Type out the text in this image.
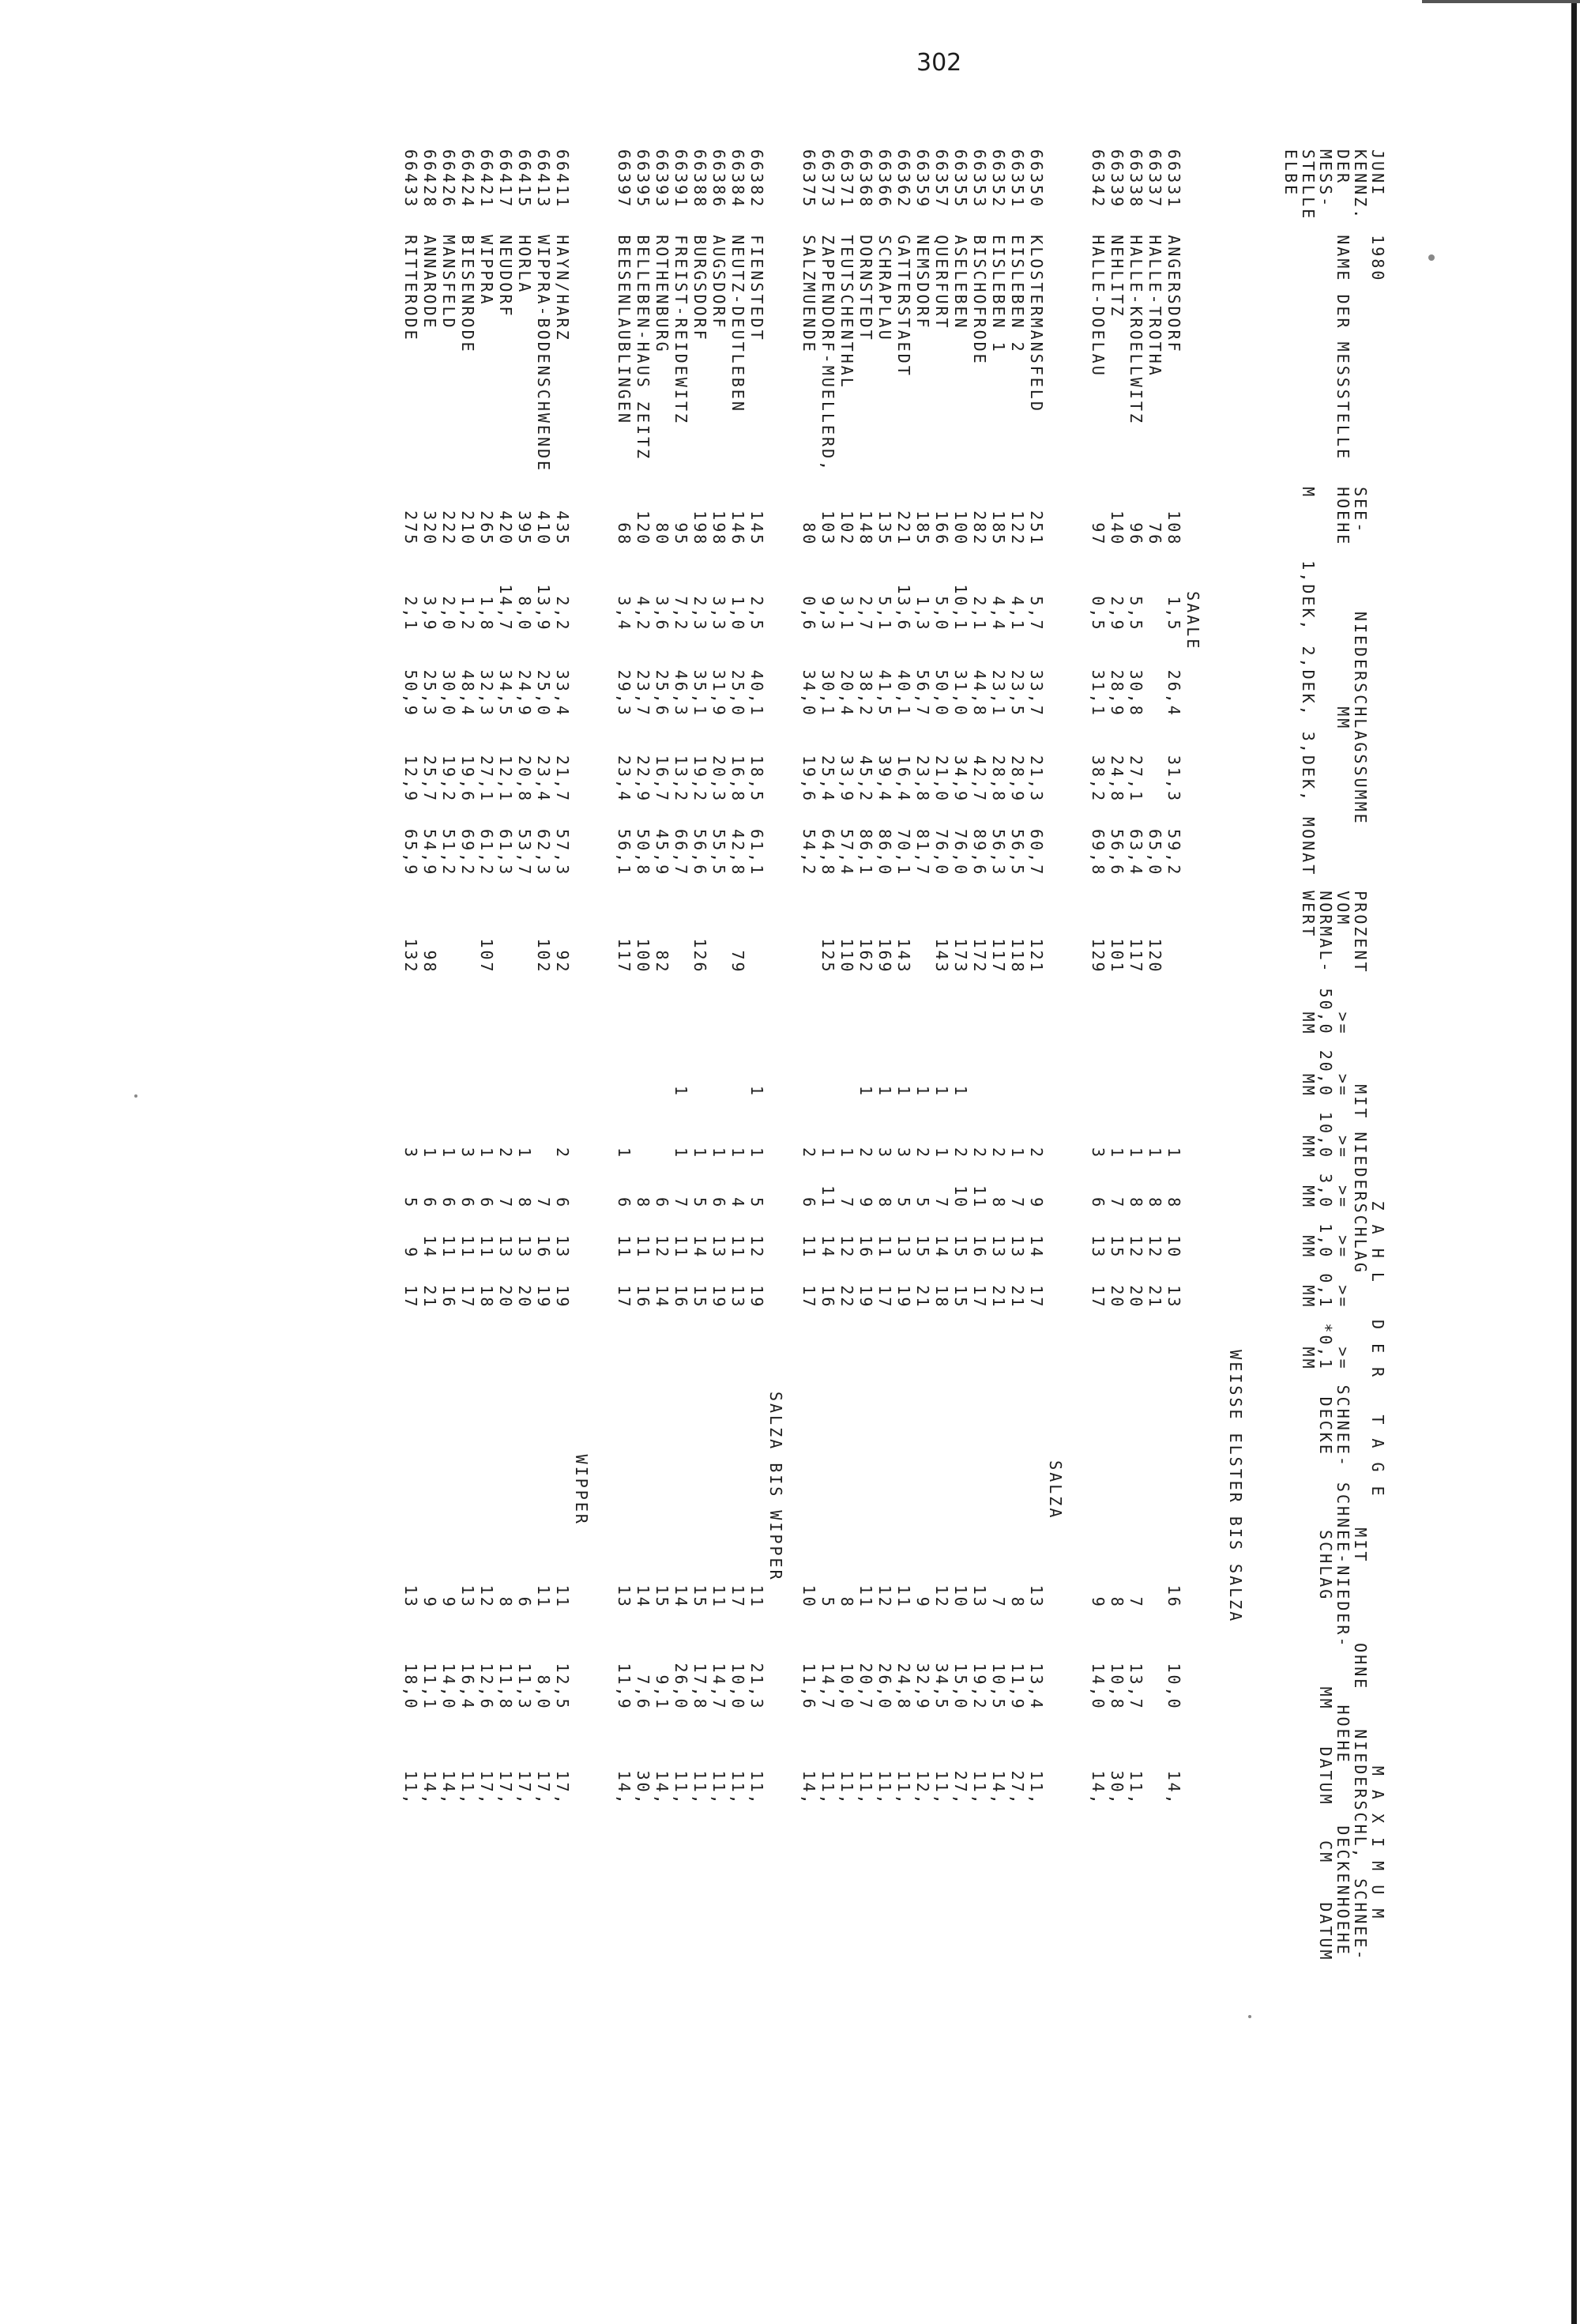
302
JUNI	1980							Z A H L   D E R   T A G E											M A X I M U M		
KENNZ.		SEE-	NIEDERSCHLAGSSUMME				PROZENT	MIT NIEDERSCHLAG								MIT	OHNE		NIEDERSCHL,		SCHNEE-
DER	NAME DER MESSSTELLE	HOEHE	MM				VOM	>=	>=	>=	>=	>=	>=	>=	SCHNEE-	SCHNEE-NIEDER-		HOEHE		DECKENHOEHE	
MESS-							NORMAL-	50,0	20,0	10,0	3,0	1,0	0,1	*0,1	DECKE	SCHLAG		MM	DATUM	CM	DATUM
STELLE		M	1,DEK,	2,DEK,	3,DEK,	MONAT	WERT	MM	MM	MM	MM	MM	MM	MM							
ELBE																					
WEISSE ELSTER BIS SALZA																					
SAALE																					
66331	ANGERSDORF	108	1,5	26,4	31,3	59,2				1	8	10	13			16		10,0	14,		
66337	HALLE-TROTHA	76				65,0	120			1	8	12	21								
66338	HALLE-KROELLWITZ	96	5,5	30,8	27,1	63,4	117			1	8	12	20			7		13,7	11,		
66339	NEHLITZ	140	2,9	28,9	24,8	56,6	101			1	7	15	20			8		10,8	30,		
66342	HALLE-DOELAU	97	0,5	31,1	38,2	69,8	129			3	6	13	17			9		14,0	14,		
SALZA																					
66350	KLOSTERMANSFELD	251	5,7	33,7	21,3	60,7	121			2	9	14	17			13		13,4	11,		
66351	EISLEBEN 2	122	4,1	23,5	28,9	56,5	118			1	7	13	21			8		11,9	27,		
66352	EISLEBEN 1	185	4,4	23,1	28,8	56,3	117			2	8	13	21			7		10,5	14,		
66353	BISCHOFRODE	282	2,1	44,8	42,7	89,6	172			2	11	16	17			13		19,2	11,		
66355	ASELEBEN	100	10,1	31,0	34,9	76,0	173		1	2	10	15	15			10		15,0	27,		
66357	QUERFURT	166	5,0	50,0	21,0	76,0	143		1	1	7	14	18			12		34,5	11,		
66359	NEMSDORF	185	1,3	56,7	23,8	81,7			1	2	5	15	21			9		32,9	12,		
66362	GATTERSTAEDT	221	13,6	40,1	16,4	70,1	143		1	3	5	13	19			11		24,8	11,		
66366	SCHRAPLAU	135	5,1	41,5	39,4	86,0	169		1	3	8	11	17			12		26,0	11,		
66368	DORNSTEDT	148	2,7	38,2	45,2	86,1	162		1	2	9	16	19			11		20,7	11,		
66371	TEUTSCHENTHAL	102	3,1	20,4	33,9	57,4	110			1	7	12	22			8		10,0	11,		
66373	ZAPPENDORF-MUELLERD,	103	9,3	30,1	25,4	64,8	125			1	11	14	16			5		14,7	11,		
66375	SALZMUENDE	80	0,6	34,0	19,6	54,2				2	6	11	17			10		11,6	14,		
SALZA BIS WIPPER																					
66382	FIENSTEDT	145	2,5	40,1	18,5	61,1			1	1	5	12	19			11		21,3	11,		
66384	NEUTZ-DEUTLEBEN	146	1,0	25,0	16,8	42,8	79			1	4	11	13			17		10,0	11,		
66386	AUGSDORF	198	3,3	31,9	20,3	55,5				1	6	13	19			11		14,7	11,		
66388	BURGSDORF	198	2,3	35,1	19,2	56,6	126			1	5	14	15			15		17,8	11,		
66391	FREIST-REIDEWITZ	95	7,2	46,3	13,2	66,7			1	1	7	11	16			14		26,0	11,		
66393	ROTHENBURG	80	3,6	25,6	16,7	45,9	82				6	12	14			15		9,1	14,		
66395	BELLEBEN-HAUS ZEITZ	120	4,2	23,7	22,9	50,8	100				8	11	16			14		7,6	30,		
66397	BEESENLAUBLINGEN	68	3,4	29,3	23,4	56,1	117			1	6	11	17			13		11,9	14,		
WIPPER																					
66411	HAYN/HARZ	435	2,2	33,4	21,7	57,3	92			2	6	13	19			11		12,5	17,		
66413	WIPPRA-BODENSCHWENDE	410	13,9	25,0	23,4	62,3	102				7	16	19			11		8,0	17,		
66415	HORLA	395	8,0	24,9	20,8	53,7				1	8	13	20			6		11,3	17,		
66417	NEUDORF	420	14,7	34,5	12,1	61,3				2	7	13	20			8		11,8	17,		
66421	WIPPRA	265	1,8	32,3	27,1	61,2	107			1	6	11	18			12		12,6	17,		
66424	BIESENRODE	210	1,2	48,4	19,6	69,2				3	6	11	17			13		16,4	11,		
66426	MANSFELD	222	2,0	30,0	19,2	51,2				1	6	11	16			9		14,0	14,		
66428	ANNARODE	320	3,9	25,3	25,7	54,9	98			1	6	14	21			9		11,1	14,		
66433	RITTERODE	275	2,1	50,9	12,9	65,9	132			3	5	9	17			13		18,0	11,		
